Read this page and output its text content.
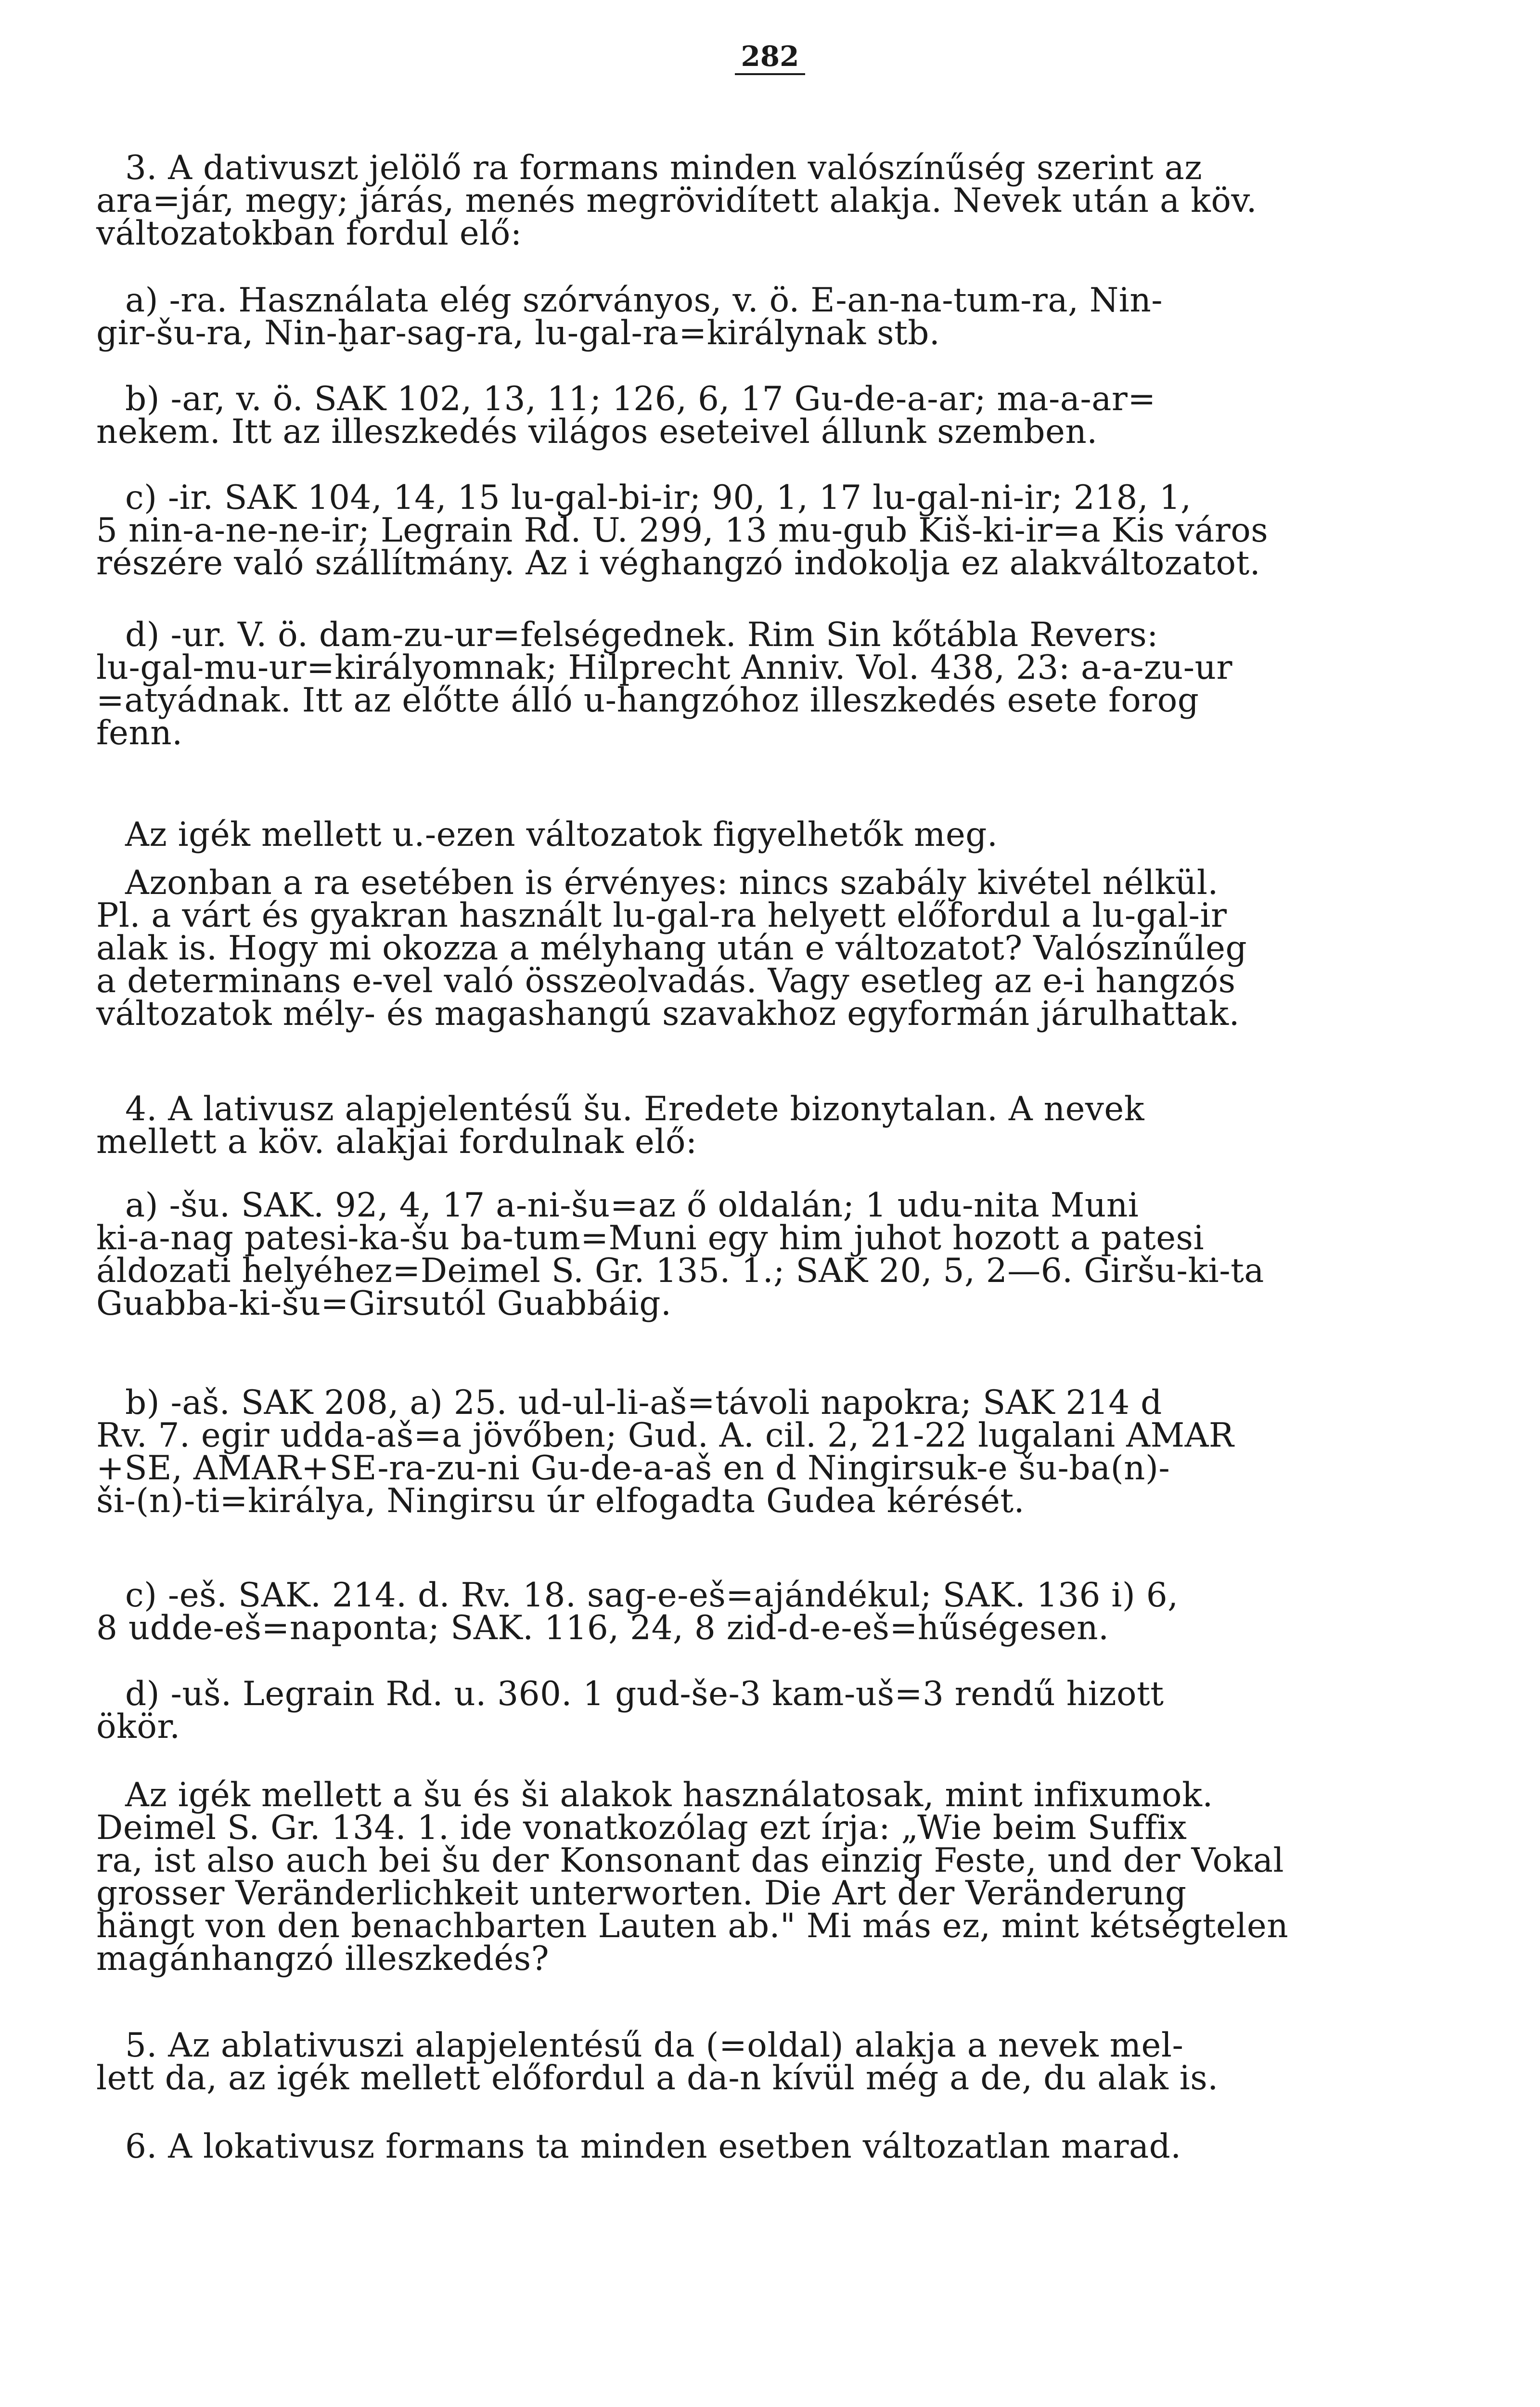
282
3. A dativuszt jelölő ra formans minden valószínűség szerint az
ara=jár, megy; járás, menés megrövidített alakja. Nevek után a köv.
változatokban fordul elő:
a) -ra. Használata elég szórványos, v. ö. E-an-na-tum-ra, Nin-
gir-šu-ra, Nin-ḫar-sag-ra, lu-gal-ra=királynak stb.
b) -ar, v. ö. SAK 102, 13, 11; 126, 6, 17 Gu-de-a-ar; ma-a-ar=
nekem. Itt az illeszkedés világos eseteivel állunk szemben.
c) -ir. SAK 104, 14, 15 lu-gal-bi-ir; 90, 1, 17 lu-gal-ni-ir; 218, 1,
5 nin-a-ne-ne-ir; Legrain Rd. U. 299, 13 mu-gub Kiš-ki-ir=a Kis város
részére való szállítmány. Az i véghangzó indokolja ez alakváltozatot.
d) -ur. V. ö. dam-zu-ur=felségednek. Rim Sin kőtábla Revers:
lu-gal-mu-ur=királyomnak; Hilprecht Anniv. Vol. 438, 23: a-a-zu-ur
=atyádnak. Itt az előtte álló u-hangzóhoz illeszkedés esete forog
fenn.
Az igék mellett u.-ezen változatok figyelhetők meg.
Azonban a ra esetében is érvényes: nincs szabály kivétel nélkül.
Pl. a várt és gyakran használt lu-gal-ra helyett előfordul a lu-gal-ir
alak is. Hogy mi okozza a mélyhang után e változatot? Valószínűleg
a determinans e-vel való összeolvadás. Vagy esetleg az e-i hangzós
változatok mély- és magashangú szavakhoz egyformán járulhattak.
4. A lativusz alapjelentésű šu. Eredete bizonytalan. A nevek
mellett a köv. alakjai fordulnak elő:
a) -šu. SAK. 92, 4, 17 a-ni-šu=az ő oldalán; 1 udu-nita Muni
ki-a-nag patesi-ka-šu ba-tum=Muni egy him juhot hozott a patesi
áldozati helyéhez=Deimel S. Gr. 135. 1.; SAK 20, 5, 2—6. Giršu-ki-ta
Guabba-ki-šu=Girsutól Guabbáig.
b) -aš. SAK 208, a) 25. ud-ul-li-aš=távoli napokra; SAK 214 d
Rv. 7. egir udda-aš=a jövőben; Gud. A. cil. 2, 21-22 lugalani AMAR
+SE, AMAR+SE-ra-zu-ni Gu-de-a-aš en d Ningirsuk-e šu-ba(n)-
ši-(n)-ti=királya, Ningirsu úr elfogadta Gudea kérését.
c) -eš. SAK. 214. d. Rv. 18. sag-e-eš=ajándékul; SAK. 136 i) 6,
8 udde-eš=naponta; SAK. 116, 24, 8 zid-d-e-eš=hűségesen.
d) -uš. Legrain Rd. u. 360. 1 gud-še-3 kam-uš=3 rendű hizott
ökör.
Az igék mellett a šu és ši alakok használatosak, mint infixumok.
Deimel S. Gr. 134. 1. ide vonatkozólag ezt írja: „Wie beim Suffix
ra, ist also auch bei šu der Konsonant das einzig Feste, und der Vokal
grosser Veränderlichkeit unterworten. Die Art der Veränderung
hängt von den benachbarten Lauten ab." Mi más ez, mint kétségtelen
magánhangzó illeszkedés?
5. Az ablativuszi alapjelentésű da (=oldal) alakja a nevek mel-
lett da, az igék mellett előfordul a da-n kívül még a de, du alak is.
6. A lokativusz formans ta minden esetben változatlan marad.
